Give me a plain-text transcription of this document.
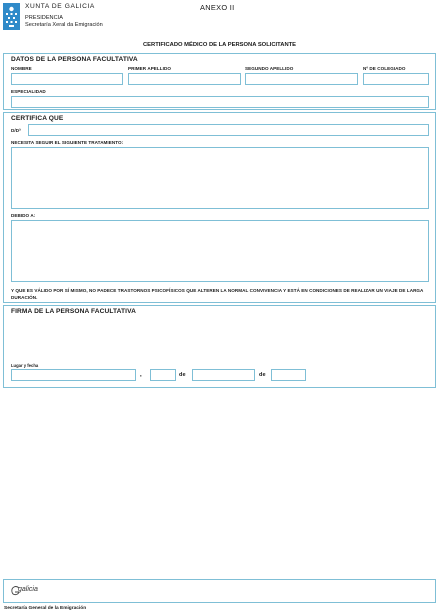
XUNTA DE GALICIA
PRESIDENCIA
Secretaría Xeral da Emigración
ANEXO II
CERTIFICADO MÉDICO DE LA PERSONA SOLICITANTE
DATOS DE LA PERSONA FACULTATIVA
NOMBRE	PRIMER APELLIDO	SEGUNDO APELLIDO	Nº DE COLEGIADO
ESPECIALIDAD
CERTIFICA QUE
D/Dª
NECESITA SEGUIR EL SIGUIENTE TRATAMIENTO:
DEBIDO A:
Y QUE ES VÁLIDO POR SÍ MISMO, NO PADECE TRASTORNOS PSICOFÍSICOS QUE ALTEREN LA NORMAL CONVIVENCIA Y ESTÁ EN CONDICIONES DE REALIZAR UN VIAJE DE LARGA DURACIÓN.
FIRMA DE LA PERSONA FACULTATIVA
Lugar y fecha
,	de	de
galicia
Secretaría General de la Emigración
